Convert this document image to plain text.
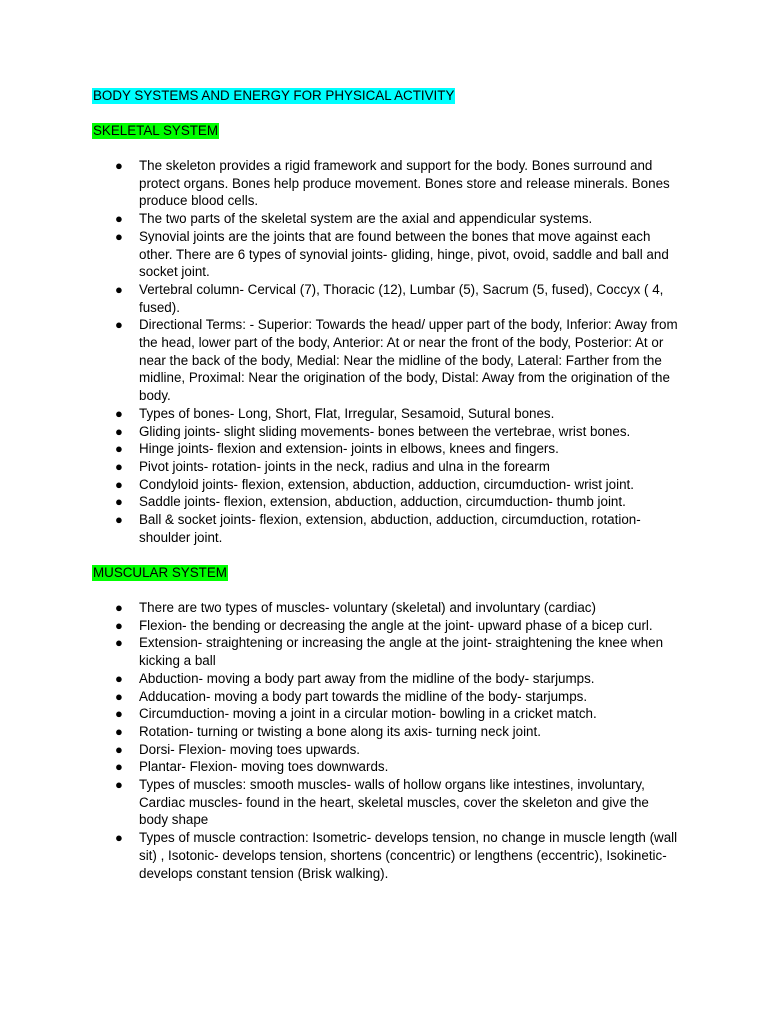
BODY SYSTEMS AND ENERGY FOR PHYSICAL ACTIVITY
SKELETAL SYSTEM
● The skeleton provides a rigid framework and support for the body. Bones surround and protect organs. Bones help produce movement. Bones store and release minerals. Bones produce blood cells.
● The two parts of the skeletal system are the axial and appendicular systems.
● Synovial joints are the joints that are found between the bones that move against each other. There are 6 types of synovial joints- gliding, hinge, pivot, ovoid, saddle and ball and socket joint.
● Vertebral column- Cervical (7), Thoracic (12), Lumbar (5), Sacrum (5, fused), Coccyx ( 4, fused).
● Directional Terms: - Superior: Towards the head/ upper part of the body, Inferior: Away from the head, lower part of the body, Anterior: At or near the front of the body, Posterior: At or near the back of the body, Medial: Near the midline of the body, Lateral: Farther from the midline, Proximal: Near the origination of the body, Distal: Away from the origination of the body.
● Types of bones- Long, Short, Flat, Irregular, Sesamoid, Sutural bones.
● Gliding joints- slight sliding movements- bones between the vertebrae, wrist bones.
● Hinge joints- flexion and extension- joints in elbows, knees and fingers.
● Pivot joints- rotation- joints in the neck, radius and ulna in the forearm
● Condyloid joints- flexion, extension, abduction, adduction, circumduction- wrist joint.
● Saddle joints- flexion, extension, abduction, adduction, circumduction- thumb joint.
● Ball & socket joints- flexion, extension, abduction, adduction, circumduction, rotation- shoulder joint.
MUSCULAR SYSTEM
● There are two types of muscles- voluntary (skeletal) and involuntary (cardiac)
● Flexion- the bending or decreasing the angle at the joint- upward phase of a bicep curl.
● Extension- straightening or increasing the angle at the joint- straightening the knee when kicking a ball
● Abduction- moving a body part away from the midline of the body- starjumps.
● Adducation- moving a body part towards the midline of the body- starjumps.
● Circumduction- moving a joint in a circular motion- bowling in a cricket match.
● Rotation- turning or twisting a bone along its axis- turning neck joint.
● Dorsi- Flexion- moving toes upwards.
● Plantar- Flexion- moving toes downwards.
● Types of muscles: smooth muscles- walls of hollow organs like intestines, involuntary, Cardiac muscles- found in the heart, skeletal muscles, cover the skeleton and give the body shape
● Types of muscle contraction: Isometric- develops tension, no change in muscle length (wall sit) , Isotonic- develops tension, shortens (concentric) or lengthens (eccentric), Isokinetic- develops constant tension (Brisk walking).
